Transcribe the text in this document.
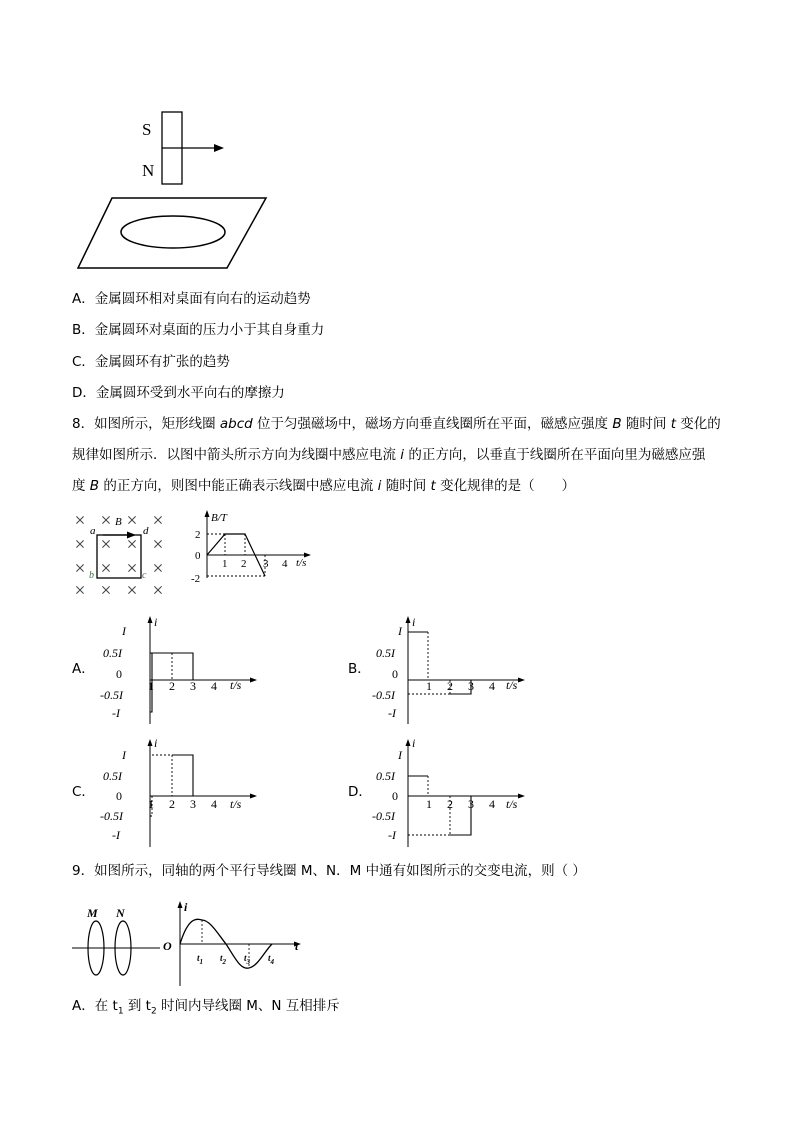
S
N
A．金属圆环相对桌面有向右的运动趋势
B．金属圆环对桌面的压力小于其自身重力
C．金属圆环有扩张的趋势
D．金属圆环受到水平向右的摩擦力
8．如图所示，矩形线圈 abcd 位于匀强磁场中，磁场方向垂直线圈所在平面，磁感应强度 B 随时间 t 变化的
规律如图所示．以图中箭头所示方向为线圈中感应电流 i 的正方向，以垂直于线圈所在平面向里为磁感应强
度 B 的正方向，则图中能正确表示线圈中感应电流 i 随时间 t 变化规律的是（　　）
a
B
d
b	c
B/T
t/s
2
0
-2
1 2 3 4
A．
i
t/s
I
0.5I
0
-0.5I
-I
1 2 3 4
B．
i
t/s
I
0.5I
0
-0.5I
-I
1 2 3 4
C．
i
t/s
I
0.5I
0
-0.5I
-I
1 2 3 4
D．
i
t/s
I
0.5I
0
-0.5I
-I
1 2 3 4
9．如图所示，同轴的两个平行导线圈 M、N．M 中通有如图所示的交变电流，则（ ）
M N	i
t
O
$t_1$ $t_2$ $t_3$ $t_4$
A．在 $t_1$ 到 $t_2$ 时间内导线圈 M、N 互相排斥
